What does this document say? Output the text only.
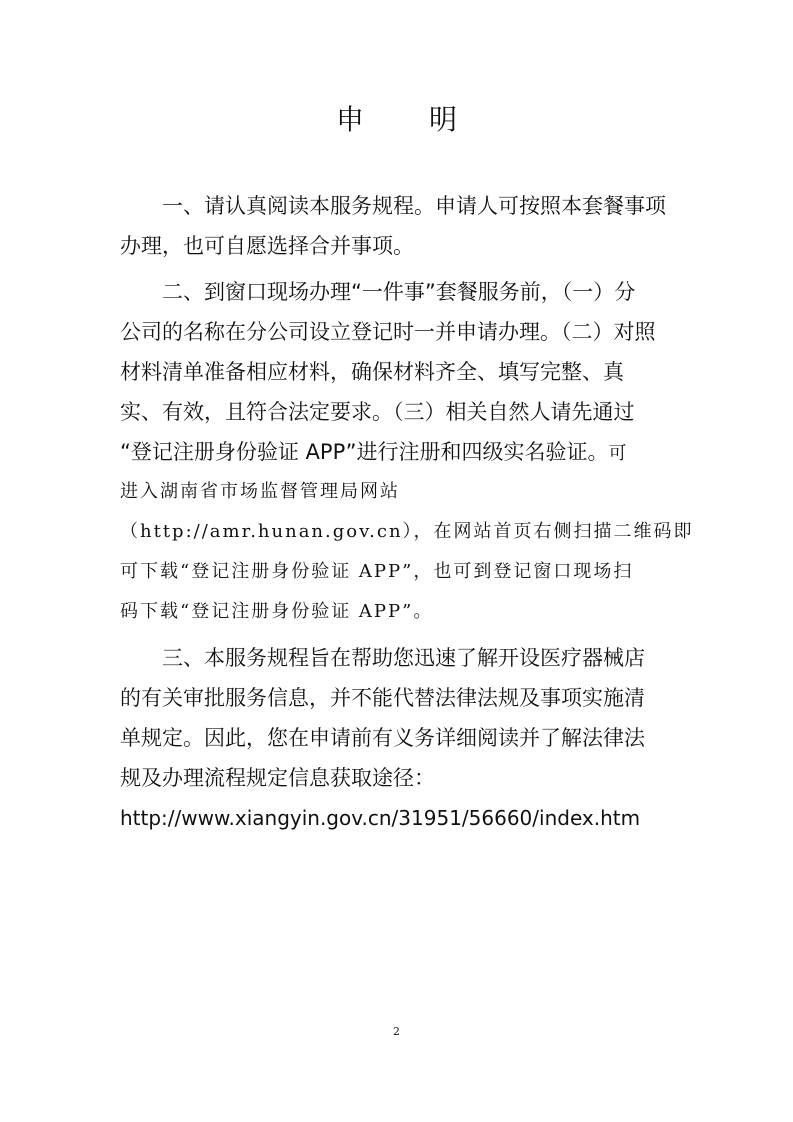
申 明
一、请认真阅读本服务规程。申请人可按照本套餐事项
办理，也可自愿选择合并事项。
二、到窗口现场办理“一件事”套餐服务前，（一）分
公司的名称在分公司设立登记时一并申请办理。（二）对照
材料清单准备相应材料，确保材料齐全、填写完整、真
实、有效，且符合法定要求。（三）相关自然人请先通过
“登记注册身份验证 APP”进行注册和四级实名验证。可
进入湖南省市场监督管理局网站
（http://amr.hunan.gov.cn），在网站首页右侧扫描二维码即
可下载“登记注册身份验证 APP”，也可到登记窗口现场扫
码下载“登记注册身份验证 APP”。
三、本服务规程旨在帮助您迅速了解开设医疗器械店
的有关审批服务信息，并不能代替法律法规及事项实施清
单规定。因此，您在申请前有义务详细阅读并了解法律法
规及办理流程规定信息获取途径：
http://www.xiangyin.gov.cn/31951/56660/index.htm
2
